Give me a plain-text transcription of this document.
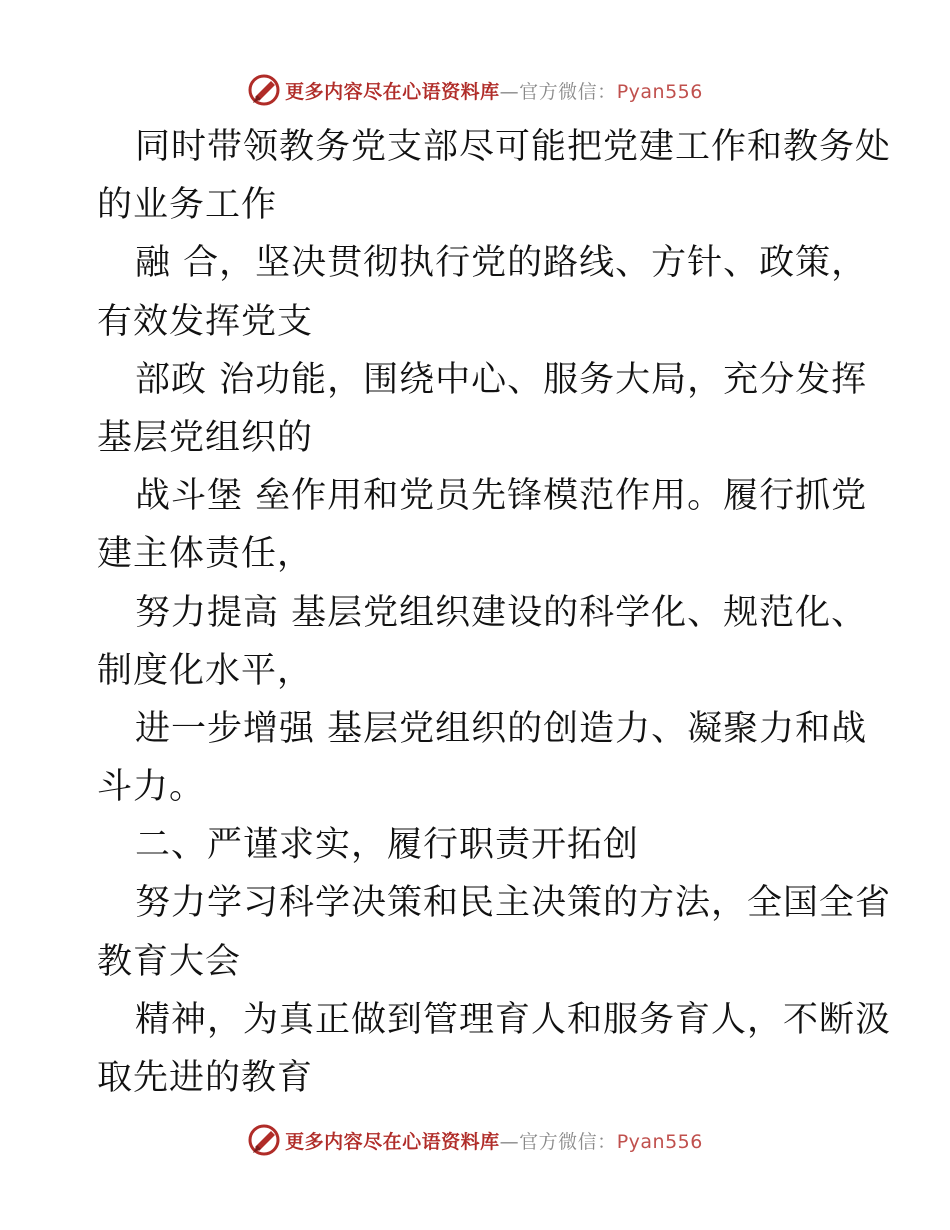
更多内容尽在心语资料库—官方微信：Pyan556
同时带领教务党支部尽可能把党建工作和教务处
的业务工作
融 合，坚决贯彻执行党的路线、方针、政策，
有效发挥党支
部政 治功能，围绕中心、服务大局，充分发挥
基层党组织的
战斗堡 垒作用和党员先锋模范作用。履行抓党
建主体责任，
努力提高 基层党组织建设的科学化、规范化、
制度化水平，
进一步增强 基层党组织的创造力、凝聚力和战
斗力。
二、严谨求实，履行职责开拓创
努力学习科学决策和民主决策的方法，全国全省
教育大会
精神，为真正做到管理育人和服务育人，不断汲
取先进的教育
更多内容尽在心语资料库—官方微信：Pyan556
